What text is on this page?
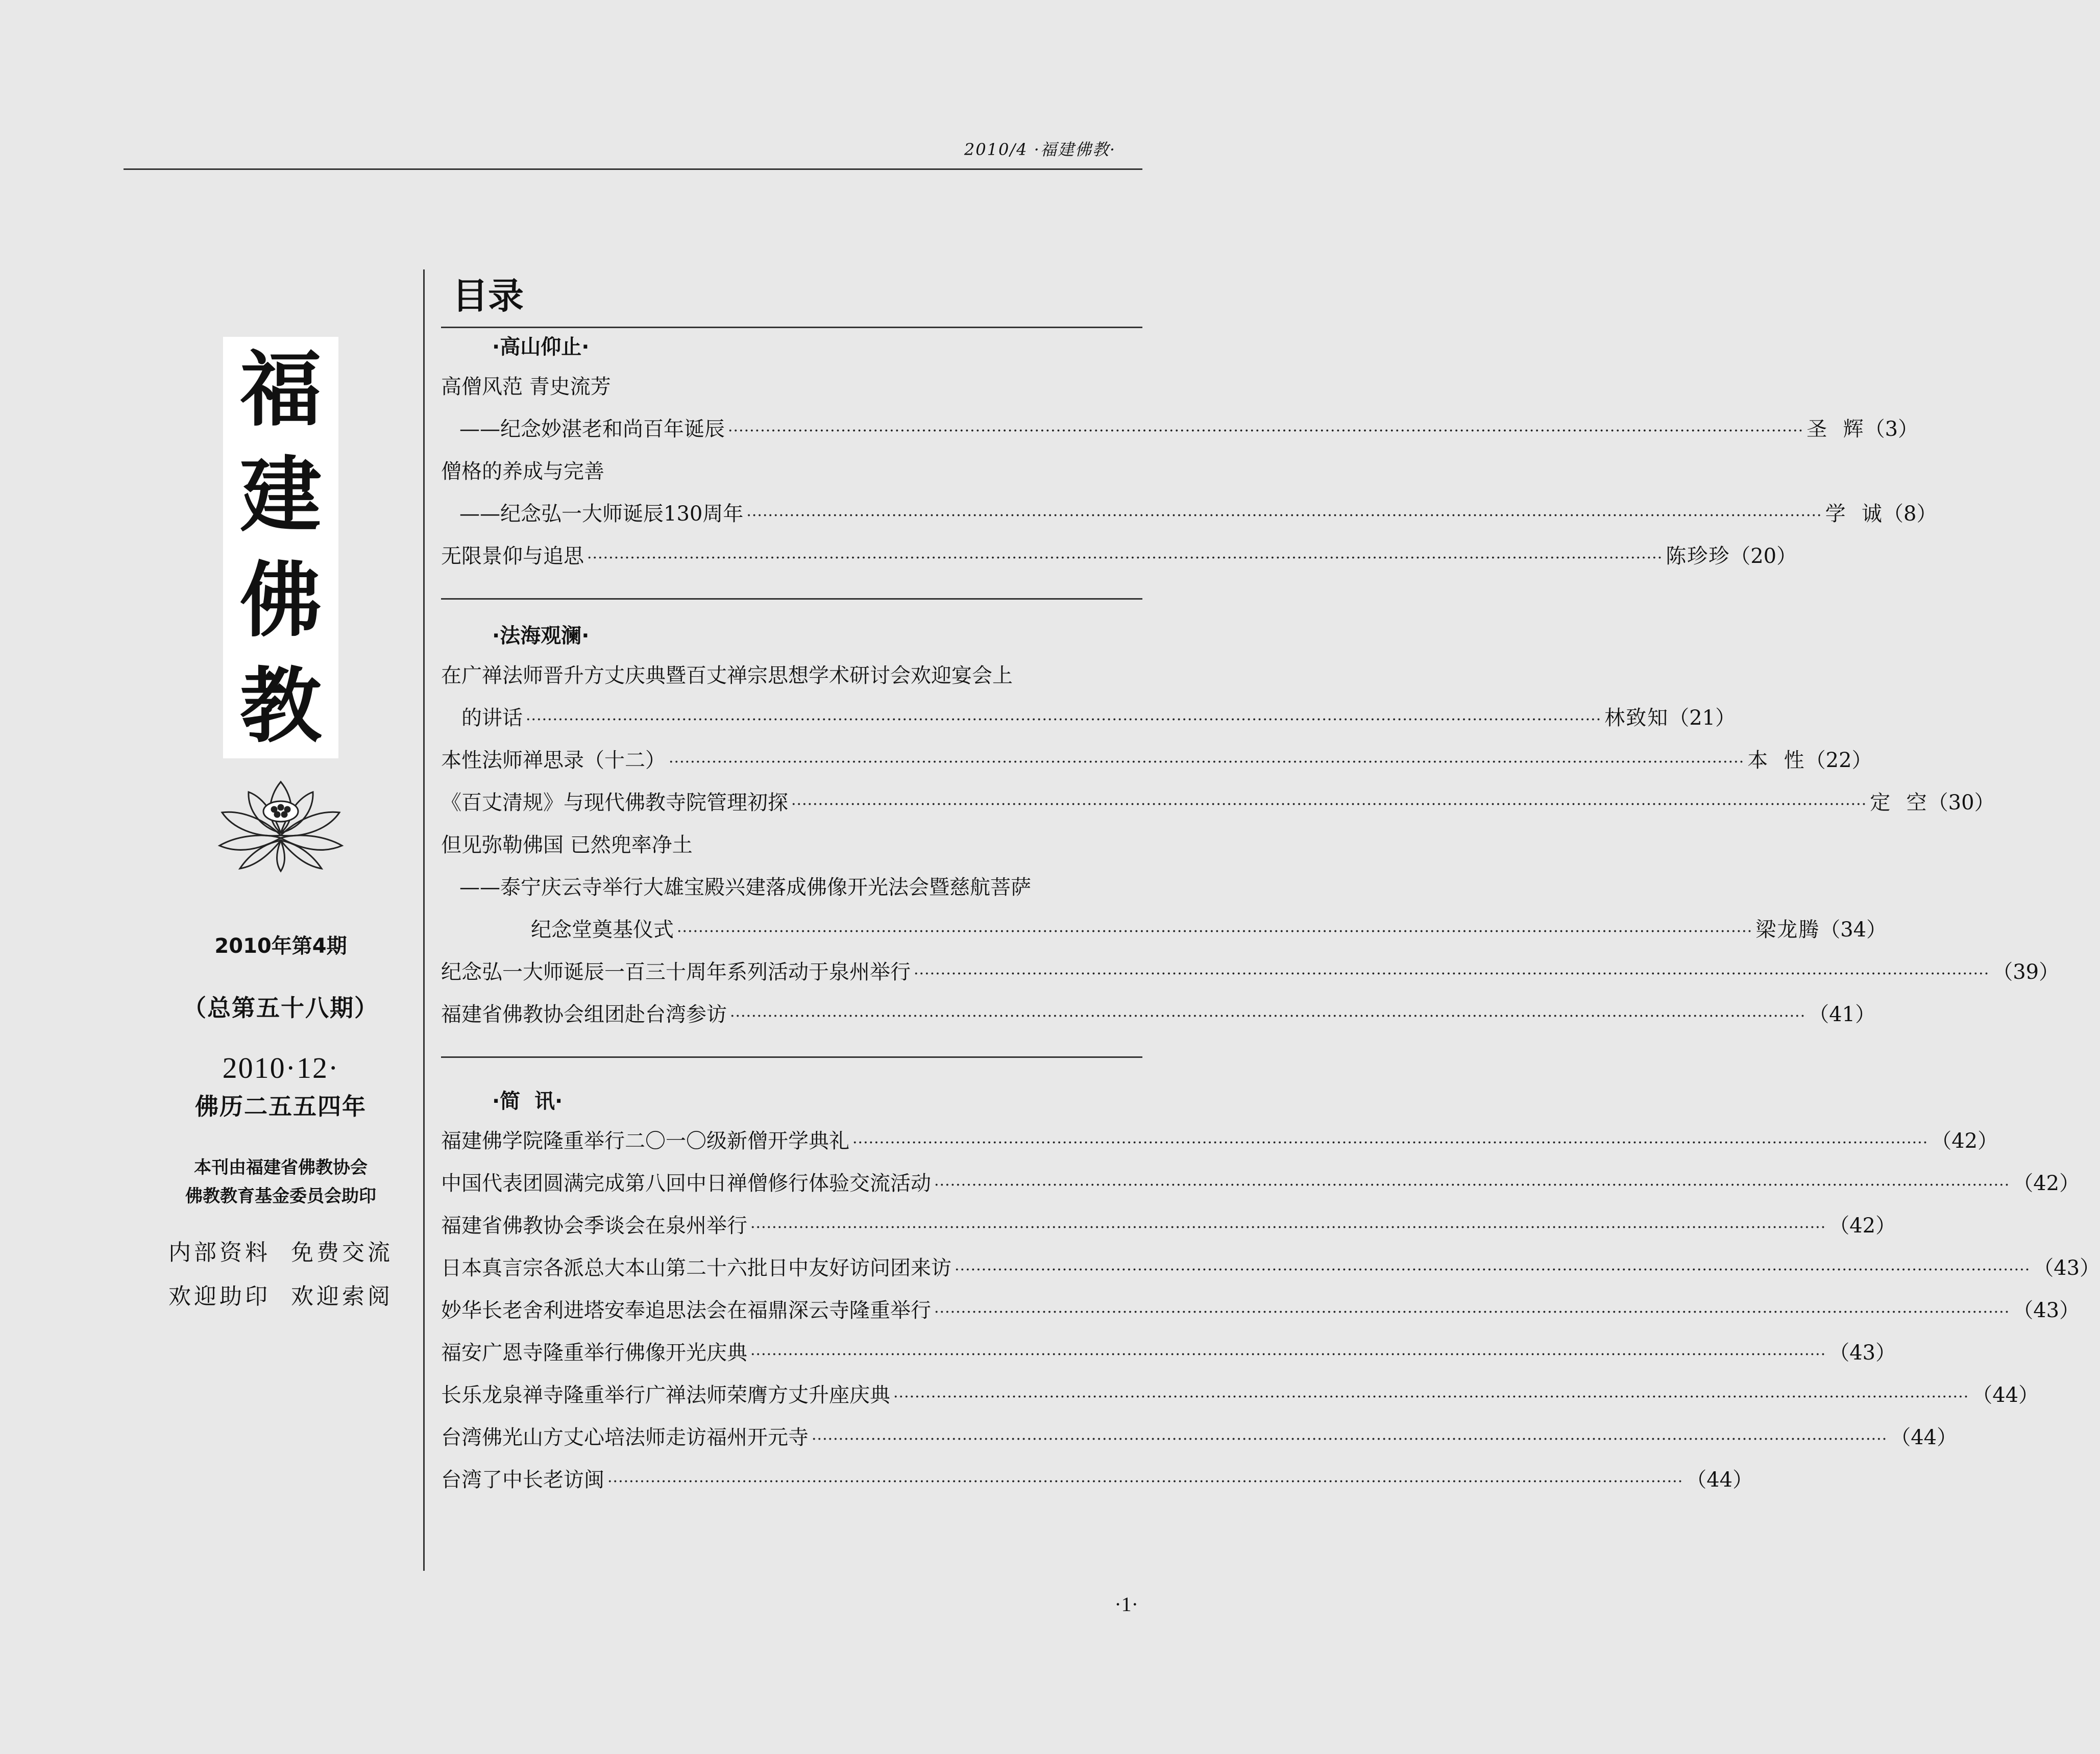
2010/4 ·福建佛教·
福
建
佛
教
2010年第4期
（总第五十八期）
2010·12·
佛历二五五四年
本刊由福建省佛教协会
佛教教育基金委员会助印
内部资料  免费交流
欢迎助印  欢迎索阅
目录
·高山仰止·
高僧风范 青史流芳
——纪念妙湛老和尚百年诞辰 ········································································································································································································ 圣  辉 （3）
僧格的养成与完善
——纪念弘一大师诞辰130周年 ········································································································································································································ 学  诚 （8）
无限景仰与追思 ········································································································································································································ 陈珍珍 （20）
·法海观澜·
在广禅法师晋升方丈庆典暨百丈禅宗思想学术研讨会欢迎宴会上
的讲话 ········································································································································································································ 林致知 （21）
本性法师禅思录（十二） ········································································································································································································ 本  性 （22）
《百丈清规》与现代佛教寺院管理初探 ········································································································································································································ 定  空 （30）
但见弥勒佛国 已然兜率净土
——泰宁庆云寺举行大雄宝殿兴建落成佛像开光法会暨慈航菩萨
纪念堂奠基仪式 ········································································································································································································ 梁龙腾 （34）
纪念弘一大师诞辰一百三十周年系列活动于泉州举行 ········································································································································································································ （39）
福建省佛教协会组团赴台湾参访 ········································································································································································································ （41）
·简  讯·
福建佛学院隆重举行二〇一〇级新僧开学典礼 ········································································································································································································ （42）
中国代表团圆满完成第八回中日禅僧修行体验交流活动 ········································································································································································································ （42）
福建省佛教协会季谈会在泉州举行 ········································································································································································································ （42）
日本真言宗各派总大本山第二十六批日中友好访问团来访 ········································································································································································································ （43）
妙华长老舍利进塔安奉追思法会在福鼎深云寺隆重举行 ········································································································································································································ （43）
福安广恩寺隆重举行佛像开光庆典 ········································································································································································································ （43）
长乐龙泉禅寺隆重举行广禅法师荣膺方丈升座庆典 ········································································································································································································ （44）
台湾佛光山方丈心培法师走访福州开元寺 ········································································································································································································ （44）
台湾了中长老访闽 ········································································································································································································ （44）
·1·
